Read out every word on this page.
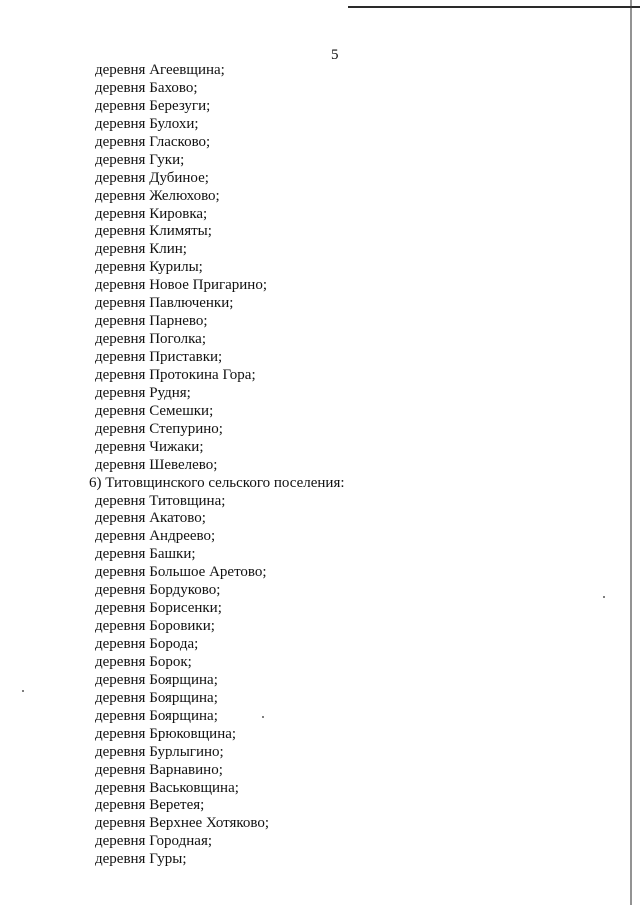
5
деревня Агеевщина;
деревня Бахово;
деревня Березуги;
деревня Булохи;
деревня Гласково;
деревня Гуки;
деревня Дубиное;
деревня Желюхово;
деревня Кировка;
деревня Климяты;
деревня Клин;
деревня Курилы;
деревня Новое Пригарино;
деревня Павлюченки;
деревня Парнево;
деревня Поголка;
деревня Приставки;
деревня Протокина Гора;
деревня Рудня;
деревня Семешки;
деревня Степурино;
деревня Чижаки;
деревня Шевелево;
6) Титовщинского сельского поселения:
деревня Титовщина;
деревня Акатово;
деревня Андреево;
деревня Башки;
деревня Большое Аретово;
деревня Бордуково;
деревня Борисенки;
деревня Боровики;
деревня Борода;
деревня Борок;
деревня Боярщина;
деревня Боярщина;
деревня Боярщина;
деревня Брюковщина;
деревня Бурлыгино;
деревня Варнавино;
деревня Васьковщина;
деревня Веретея;
деревня Верхнее Хотяково;
деревня Городная;
деревня Гуры;
